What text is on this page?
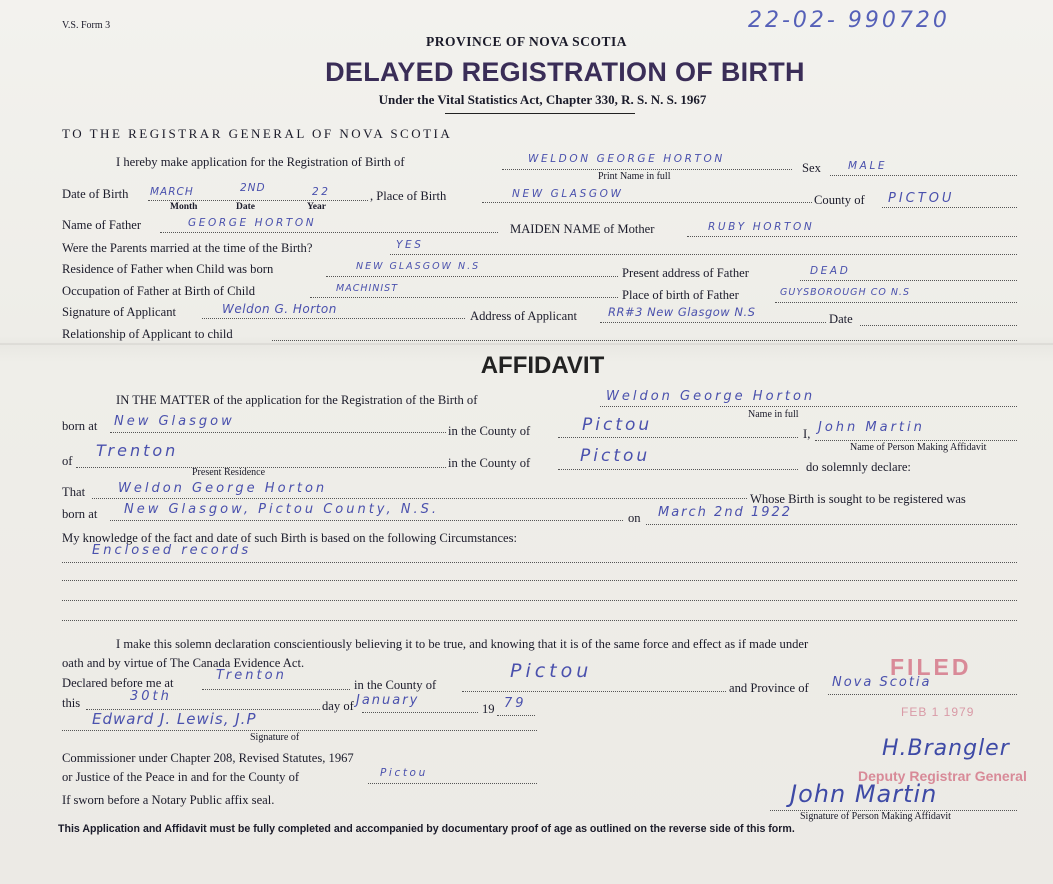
V.S. Form 3	22-02- 990720
PROVINCE OF NOVA SCOTIA
DELAYED REGISTRATION OF BIRTH
Under the Vital Statistics Act, Chapter 330, R. S. N. S. 1967
TO THE REGISTRAR GENERAL OF NOVA SCOTIA
I hereby make application for the Registration of Birth of	WELDON GEORGE HORTON
Print Name in full
Sex	MALE
Date of Birth MARCH	2ND	22
Month	Date	Year
, Place of Birth	NEW GLASGOW	County of PICTOU
Name of Father	GEORGE HORTON	MAIDEN NAME of Mother	RUBY HORTON
Were the Parents married at the time of the Birth?	YES
Residence of Father when Child was born	NEW GLASGOW N.S	Present address of Father	DEAD
Occupation of Father at Birth of Child	MACHINIST	Place of birth of Father	GUYSBOROUGH CO N.S
Signature of Applicant	Weldon G. Horton	Address of Applicant	RR#3 New Glasgow N.S	Date
Relationship of Applicant to child
AFFIDAVIT
IN THE MATTER of the application for the Registration of the Birth of	Weldon George Horton
Name in full
born at New Glasgow
in the County of	Pictou	I, John Martin
Name of Person Making Affidavit
of
Trenton
Present Residence
in the County of	Pictou
do solemnly declare:
That	Weldon George Horton
Whose Birth is sought to be registered was
born at New Glasgow, Pictou County, N.S.
on March 2nd 1922
My knowledge of the fact and date of such Birth is based on the following Circumstances:
Enclosed records
I make this solemn declaration conscientiously believing it to be true, and knowing that it is of the same force and effect as if made under
oath and by virtue of The Canada Evidence Act.
Declared before me at	Trenton
in the County of
Pictou
and Province of Nova Scotia
this	30th
day of January
19 79
Edward J. Lewis, J.P
Signature of
Commissioner under Chapter 208, Revised Statutes, 1967
or Justice of the Peace in and for the County of	Pictou
If sworn before a Notary Public affix seal.
FILED
FEB 1 1979
H.Brangler
Deputy Registrar General
John Martin
Signature of Person Making Affidavit
This Application and Affidavit must be fully completed and accompanied by documentary proof of age as outlined on the reverse side of this form.
